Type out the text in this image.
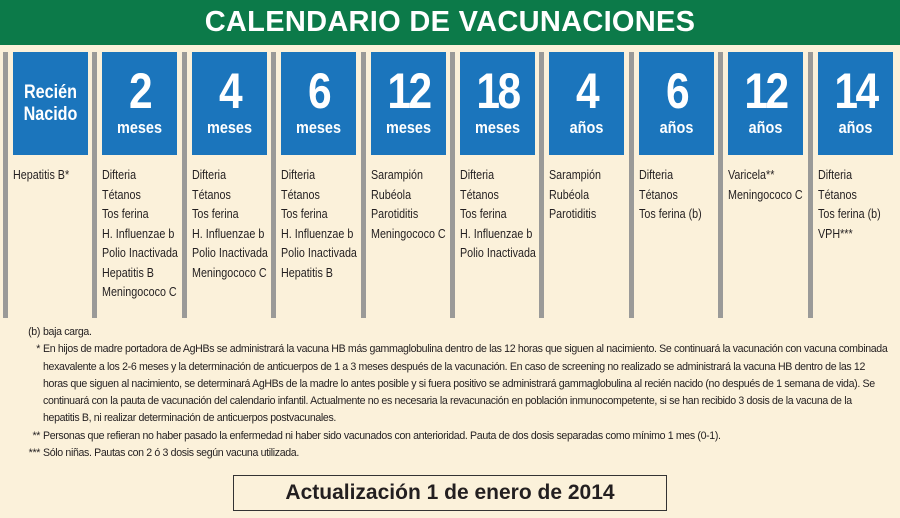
CALENDARIO DE VACUNACIONES
Recién Nacido
Hepatitis B*
2
meses
Difteria
Tétanos
Tos ferina
H. Influenzae b
Polio Inactivada
Hepatitis B
Meningococo C
4
meses
Difteria
Tétanos
Tos ferina
H. Influenzae b
Polio Inactivada
Meningococo C
6
meses
Difteria
Tétanos
Tos ferina
H. Influenzae b
Polio Inactivada
Hepatitis B
12
meses
Sarampión
Rubéola
Parotiditis
Meningococo C
18
meses
Difteria
Tétanos
Tos ferina
H. Influenzae b
Polio Inactivada
4
años
Sarampión
Rubéola
Parotiditis
6
años
Difteria
Tétanos
Tos ferina (b)
12
años
Varicela**
Meningococo C
14
años
Difteria
Tétanos
Tos ferina (b)
VPH***
(b) baja carga.
* En hijos de madre portadora de AgHBs se administrará la vacuna HB más gammaglobulina dentro de las 12 horas que siguen al nacimiento. Se continuará la vacunación con vacuna combinada hexavalente a los 2-6 meses y la determinación de anticuerpos de 1 a 3 meses después de la vacunación. En caso de screening no realizado se administrará la vacuna HB dentro de las 12 horas que siguen al nacimiento, se determinará AgHBs de la madre lo antes posible y si fuera positivo se administrará gammaglobulina al recién nacido (no después de 1 semana de vida). Se continuará con la pauta de vacunación del calendario infantil. Actualmente no es necesaria la revacunación en población inmunocompetente, si se han recibido 3 dosis de la vacuna de la hepatitis B, ni realizar determinación de anticuerpos postvacunales.
** Personas que refieran no haber pasado la enfermedad ni haber sido vacunados con anterioridad. Pauta de dos dosis separadas como mínimo 1 mes (0-1).
*** Sólo niñas. Pautas con 2 ó 3 dosis según vacuna utilizada.
Actualización 1 de enero de 2014
